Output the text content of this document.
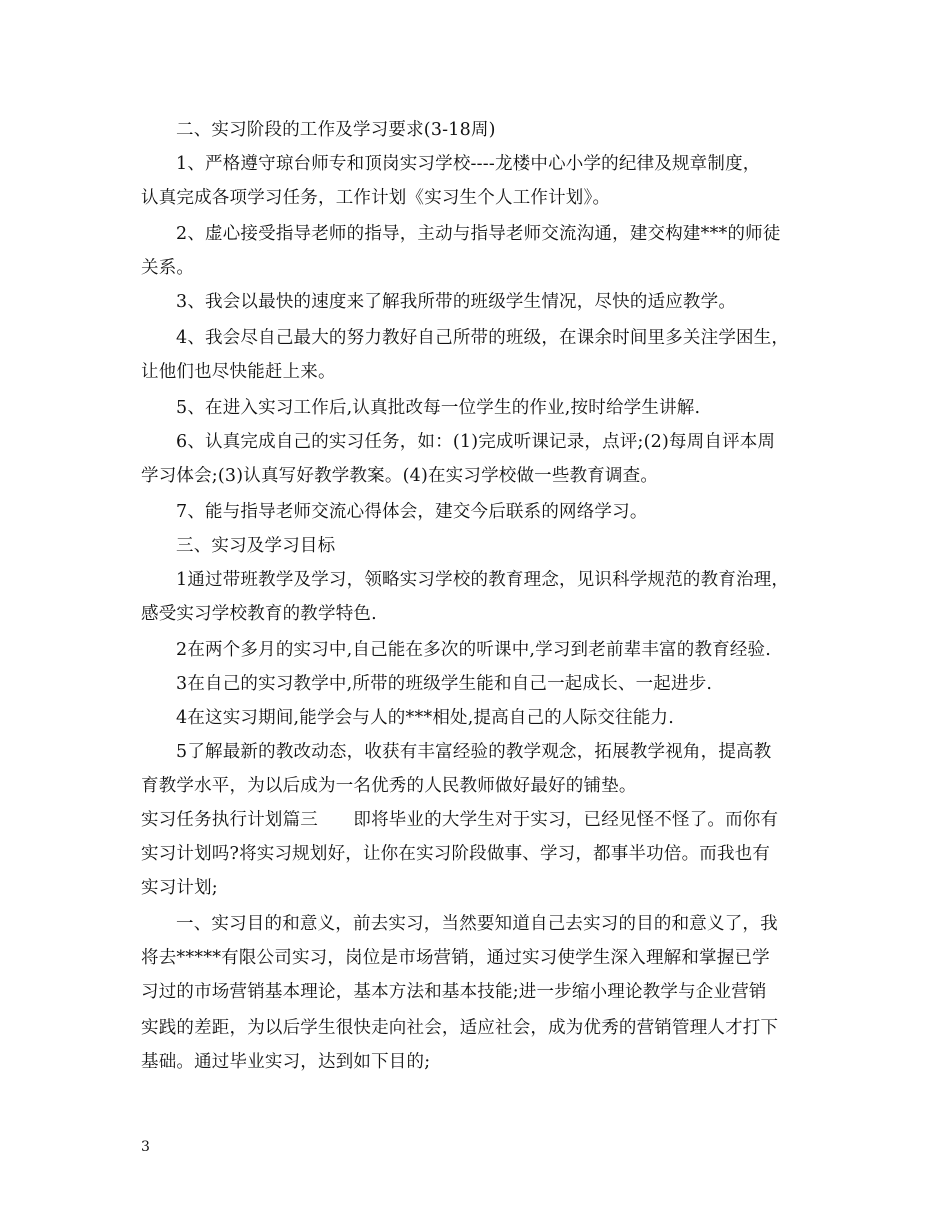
二、实习阶段的工作及学习要求(3-18周)
1、严格遵守琼台师专和顶岗实习学校----龙楼中心小学的纪律及规章制度，
认真完成各项学习任务，工作计划《实习生个人工作计划》。
2、虚心接受指导老师的指导，主动与指导老师交流沟通，建交构建***的师徒
关系。
3、我会以最快的速度来了解我所带的班级学生情况，尽快的适应教学。
4、我会尽自己最大的努力教好自己所带的班级，在课余时间里多关注学困生，
让他们也尽快能赶上来。
5、在进入实习工作后,认真批改每一位学生的作业,按时给学生讲解.
6、认真完成自己的实习任务，如：(1)完成听课记录，点评;(2)每周自评本周
学习体会;(3)认真写好教学教案。(4)在实习学校做一些教育调查。
7、能与指导老师交流心得体会，建交今后联系的网络学习。
三、实习及学习目标
1通过带班教学及学习，领略实习学校的教育理念，见识科学规范的教育治理，
感受实习学校教育的教学特色.
2在两个多月的实习中,自己能在多次的听课中,学习到老前辈丰富的教育经验.
3在自己的实习教学中,所带的班级学生能和自己一起成长、一起进步.
4在这实习期间,能学会与人的***相处,提高自己的人际交往能力.
5了解最新的教改动态，收获有丰富经验的教学观念，拓展教学视角，提高教
育教学水平，为以后成为一名优秀的人民教师做好最好的铺垫。
实习任务执行计划篇三　　即将毕业的大学生对于实习，已经见怪不怪了。而你有
实习计划吗?将实习规划好，让你在实习阶段做事、学习，都事半功倍。而我也有
实习计划;
一、实习目的和意义，前去实习，当然要知道自己去实习的目的和意义了，我
将去*****有限公司实习，岗位是市场营销，通过实习使学生深入理解和掌握已学
习过的市场营销基本理论，基本方法和基本技能;进一步缩小理论教学与企业营销
实践的差距，为以后学生很快走向社会，适应社会，成为优秀的营销管理人才打下
基础。通过毕业实习，达到如下目的;
3
